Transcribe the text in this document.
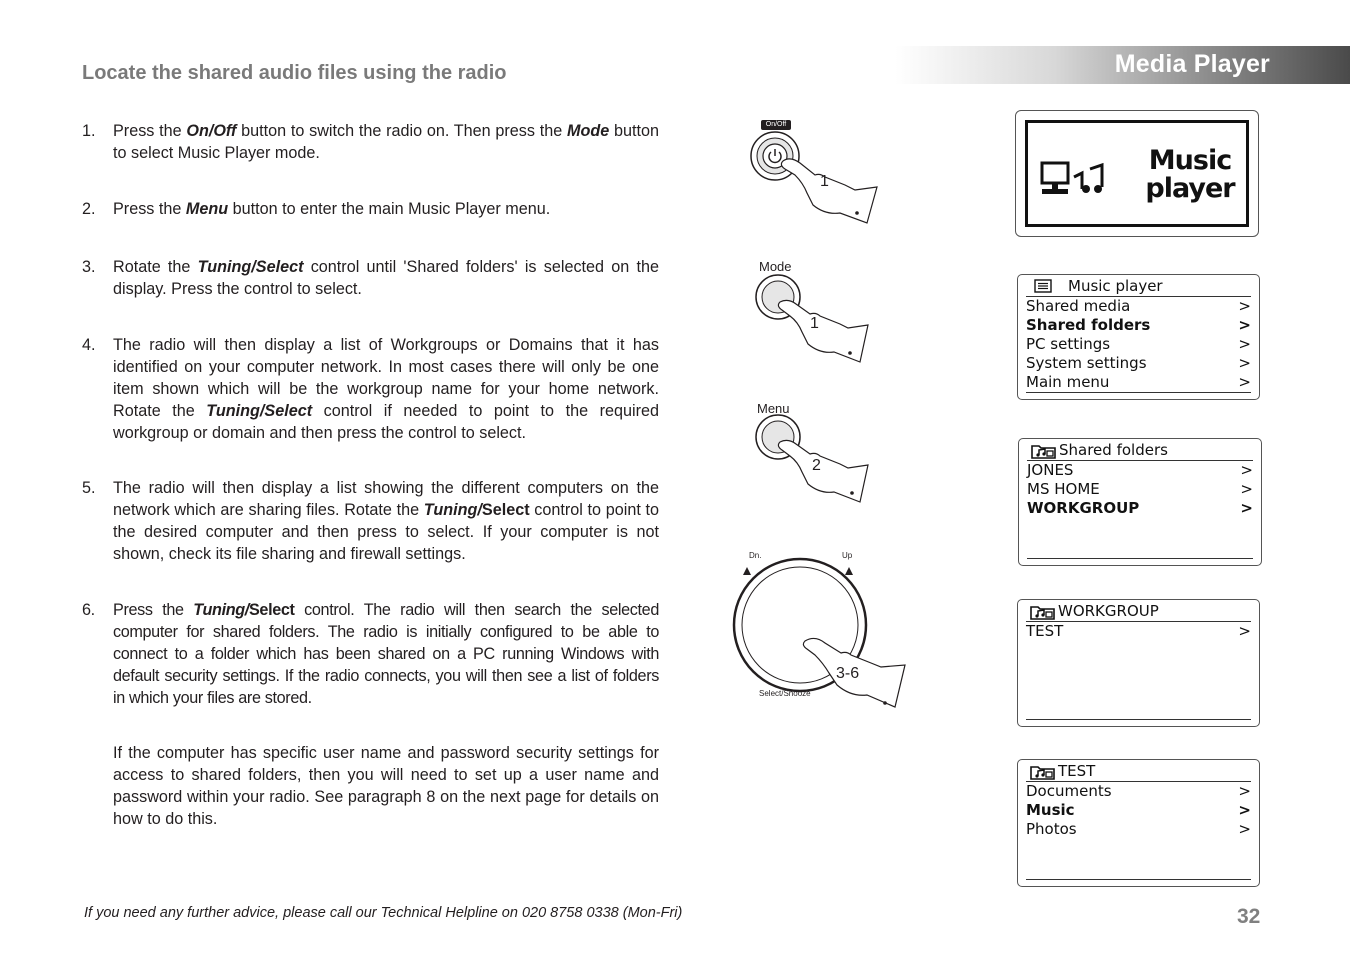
Media Player
Locate the shared audio files using the radio
1. Press the On/Off button to switch the radio on. Then press the Mode button to select Music Player mode.
2. Press the Menu button to enter the main Music Player menu.
3. Rotate the Tuning/Select control until 'Shared folders' is selected on the display. Press the control to select.
4. The radio will then display a list of Workgroups or Domains that it has identified on your computer network. In most cases there will only be one item shown which will be the workgroup name for your home network. Rotate the Tuning/Select control if needed to point to the required workgroup or domain and then press the control to select.
5. The radio will then display a list showing the different computers on the network which are sharing files. Rotate the Tuning/Select control to point to the desired computer and then press to select. If your computer is not shown, check its file sharing and firewall settings.
6. Press the Tuning/Select control. The radio will then search the selected computer for shared folders. The radio is initially configured to be able to connect to a folder which has been shared on a PC running Windows with default security settings. If the radio connects, you will then see a list of folders in which your files are stored.
If the computer has specific user name and password security settings for access to shared folders, then you will need to set up a user name and password within your radio. See paragraph 8 on the next page for details on how to do this.
On/Off
1
Mode
1
Menu
2
Dn.	Up
Select/Snooze
3-6
Music
player
Music player
Shared media	>
Shared folders	>
PC settings	>
System settings	>
Main menu	>
Shared folders
JONES	>
MS HOME	>
WORKGROUP	>
WORKGROUP
TEST	>
TEST
Documents	>
Music	>
Photos	>
If you need any further advice, please call our Technical Helpline on 020 8758 0338 (Mon-Fri)	32
